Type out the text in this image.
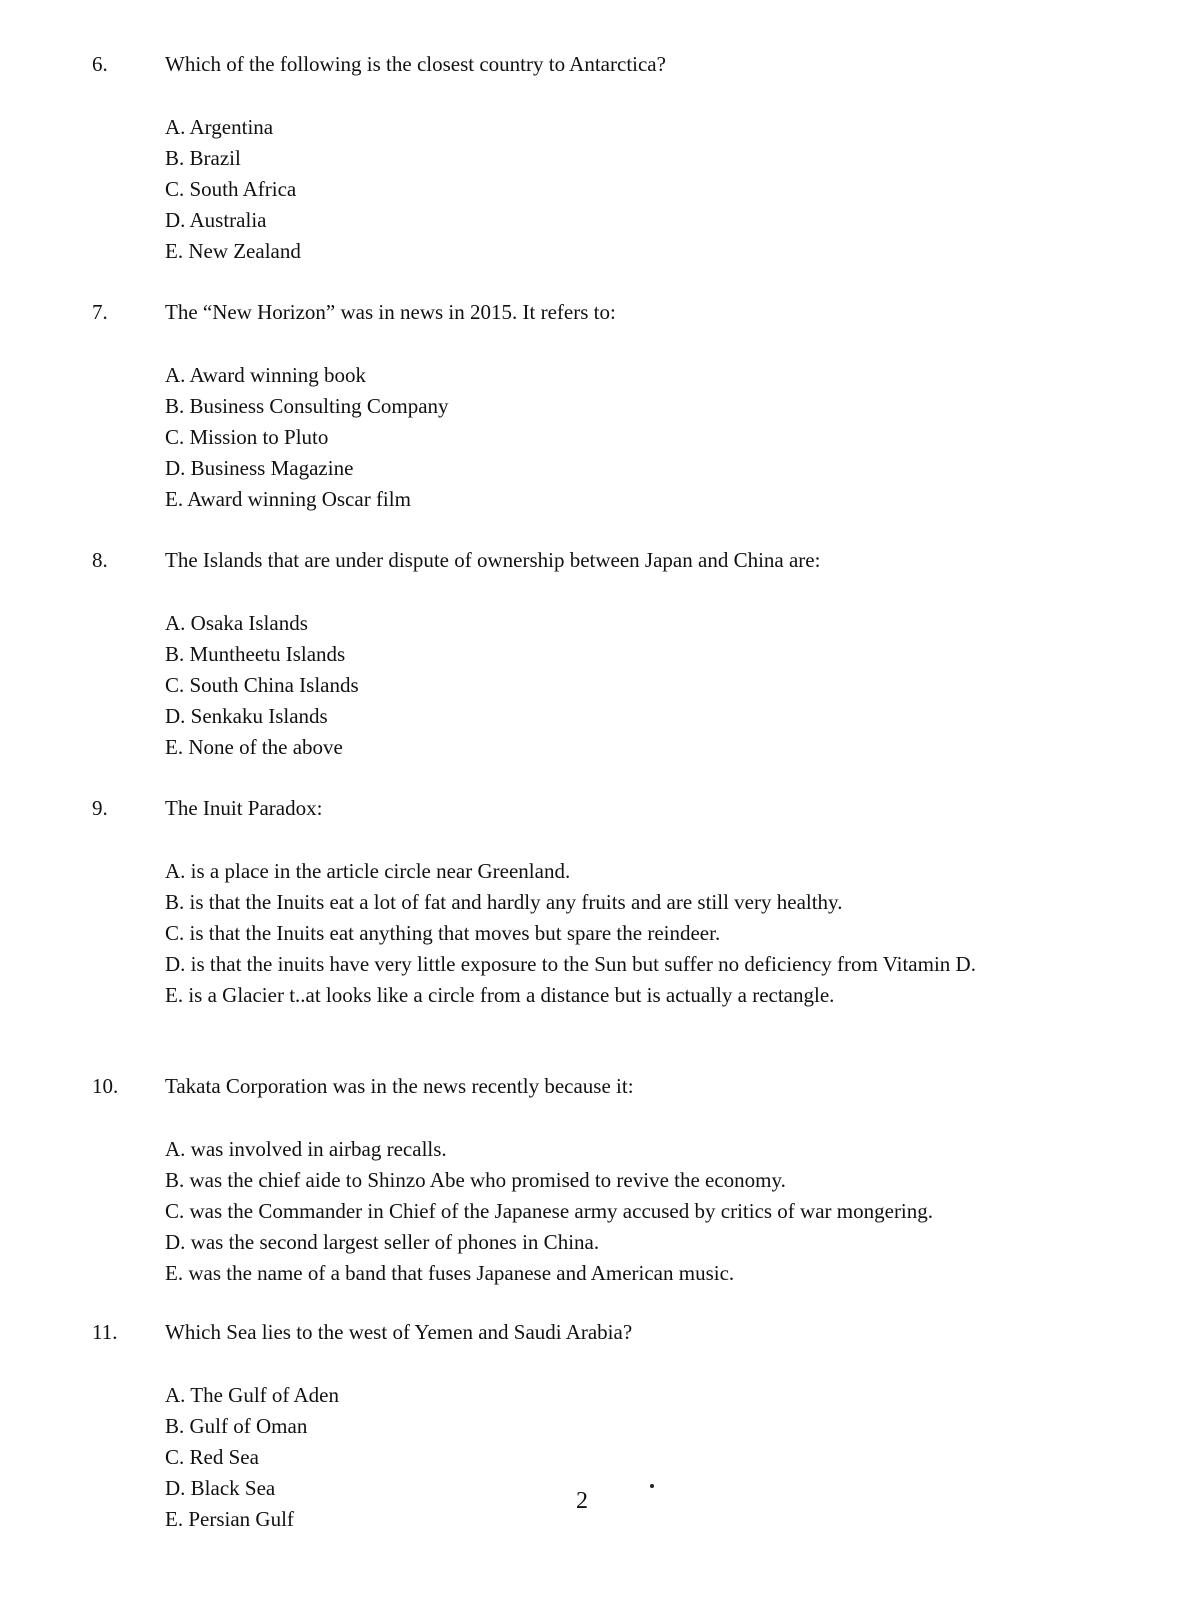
6.	Which of the following is the closest country to Antarctica?
A. Argentina
B. Brazil
C. South Africa
D. Australia
E. New Zealand
7.	The “New Horizon” was in news in 2015. It refers to:
A. Award winning book
B. Business Consulting Company
C. Mission to Pluto
D. Business Magazine
E. Award winning Oscar film
8.	The Islands that are under dispute of ownership between Japan and China are:
A. Osaka Islands
B. Muntheetu Islands
C. South China Islands
D. Senkaku Islands
E. None of the above
9.	The Inuit Paradox:
A. is a place in the article circle near Greenland.
B. is that the Inuits eat a lot of fat and hardly any fruits and are still very healthy.
C. is that the Inuits eat anything that moves but spare the reindeer.
D. is that the inuits have very little exposure to the Sun but suffer no deficiency from Vitamin D.
E. is a Glacier t..at looks like a circle from a distance but is actually a rectangle.
10. Takata Corporation was in the news recently because it:
A. was involved in airbag recalls.
B. was the chief aide to Shinzo Abe who promised to revive the economy.
C. was the Commander in Chief of the Japanese army accused by critics of war mongering.
D. was the second largest seller of phones in China.
E. was the name of a band that fuses Japanese and American music.
11. Which Sea lies to the west of Yemen and Saudi Arabia?
A. The Gulf of Aden
B. Gulf of Oman
C. Red Sea
D. Black Sea
E. Persian Gulf
2
